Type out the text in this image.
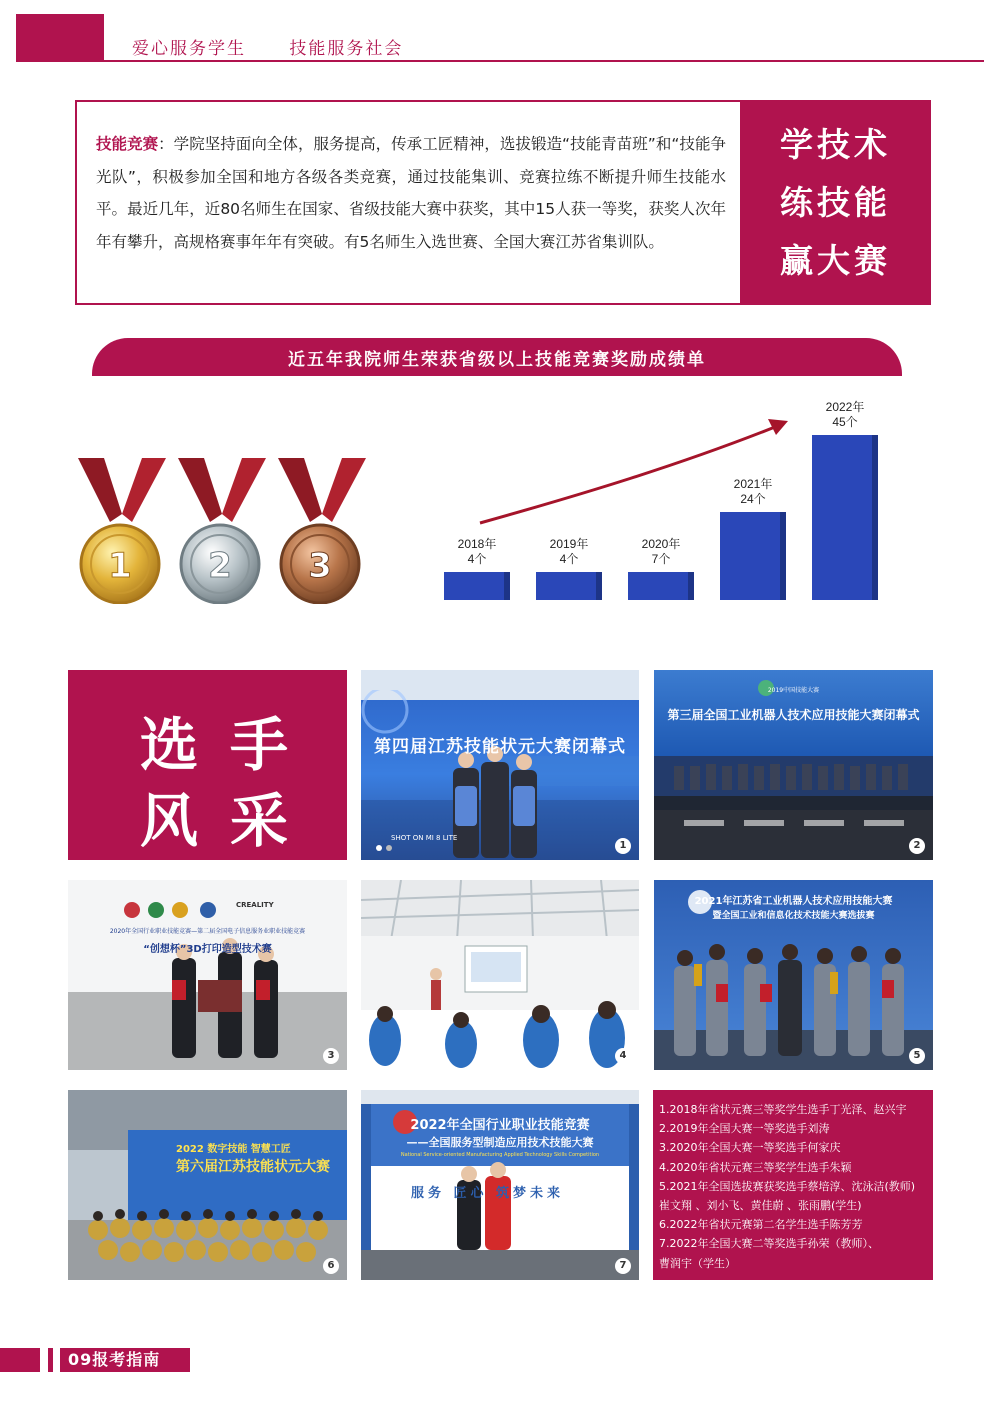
爱心服务学生	技能服务社会
技能竞赛：学院坚持面向全体，服务提高，传承工匠精神，选拔锻造“技能青苗班”和“技能争光队”，积极参加全国和地方各级各类竞赛，通过技能集训、竞赛拉练不断提升师生技能水平。最近几年，近80名师生在国家、省级技能大赛中获奖，其中15人获一等奖，获奖人次年年有攀升，高规格赛事年年有突破。有5名师生入选世赛、全国大赛江苏省集训队。
学技术
练技能
赢大赛
近五年我院师生荣获省级以上技能竞赛奖励成绩单
1 2 3
2018年
4个
2019年
4个
2020年
7个
2021年
24个
2022年
45个
选 手
风 采
第四届江苏技能状元大赛闭幕式
SHOT ON MI 8 LITE
1
2019中国技能大赛
第三届全国工业机器人技术应用技能大赛闭幕式
2
CREALITY
2020年全国行业职业技能竞赛—第二届全国电子信息服务业职业技能竞赛
“创想杯”3D打印造型技术赛
3	4
2021年江苏省工业机器人技术应用技能大赛
暨全国工业和信息化技术技能大赛选拔赛
5
2022 数字技能 智慧工匠
第六届江苏技能状元大赛
6
2022年全国行业职业技能竞赛
——全国服务型制造应用技术技能大赛
National Service-oriented Manufacturing Applied Technology Skills Competition
服务 匠心 筑梦未来
7
1.2018年省状元赛三等奖学生选手丁光泽、赵兴宇
2.2019年全国大赛一等奖选手刘涛
3.2020年全国大赛一等奖选手何家庆
4.2020年省状元赛三等奖学生选手朱颖
5.2021年全国选拔赛获奖选手蔡培淳、沈泳洁(教师)
崔文翔 、刘小飞、黄佳蔚 、张雨鹏(学生)
6.2022年省状元赛第二名学生选手陈芳芳
7.2022年全国大赛二等奖选手孙荣（教师）、
曹润宇（学生）
09报考指南
